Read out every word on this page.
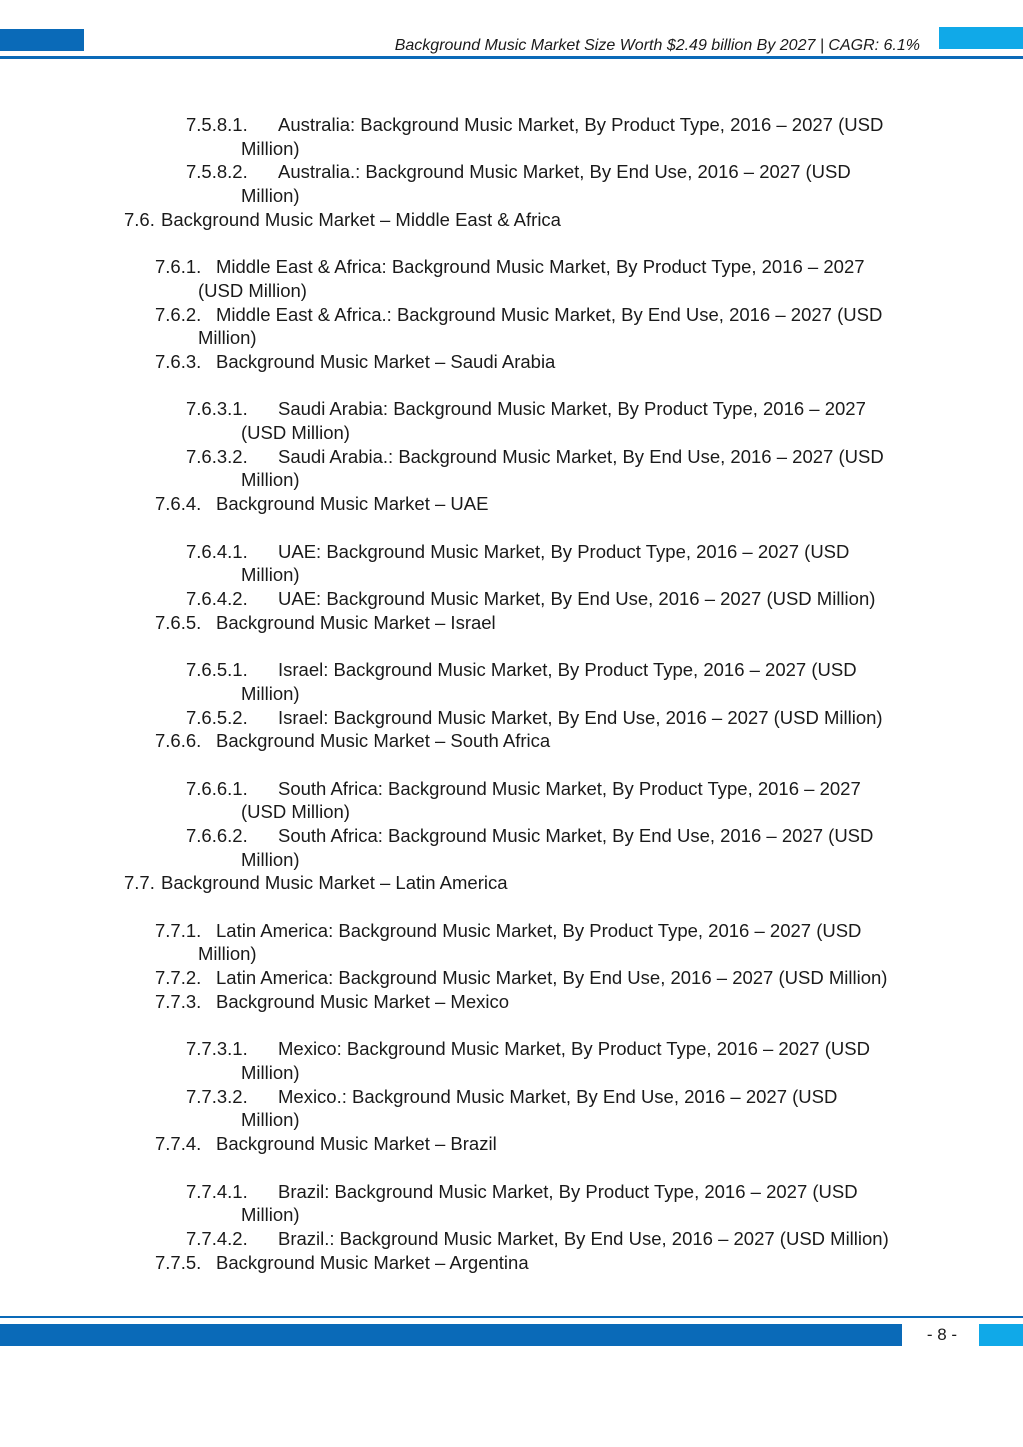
Background Music Market Size Worth $2.49 billion By 2027 | CAGR: 6.1%
7.5.8.1. Australia: Background Music Market, By Product Type, 2016 – 2027 (USD
Million)
7.5.8.2. Australia.: Background Music Market, By End Use, 2016 – 2027 (USD
Million)
7.6. Background Music Market – Middle East & Africa
7.6.1. Middle East & Africa: Background Music Market, By Product Type, 2016 – 2027
(USD Million)
7.6.2. Middle East & Africa.: Background Music Market, By End Use, 2016 – 2027 (USD
Million)
7.6.3. Background Music Market – Saudi Arabia
7.6.3.1. Saudi Arabia: Background Music Market, By Product Type, 2016 – 2027
(USD Million)
7.6.3.2. Saudi Arabia.: Background Music Market, By End Use, 2016 – 2027 (USD
Million)
7.6.4. Background Music Market – UAE
7.6.4.1. UAE: Background Music Market, By Product Type, 2016 – 2027 (USD
Million)
7.6.4.2. UAE: Background Music Market, By End Use, 2016 – 2027 (USD Million)
7.6.5. Background Music Market – Israel
7.6.5.1. Israel: Background Music Market, By Product Type, 2016 – 2027 (USD
Million)
7.6.5.2. Israel: Background Music Market, By End Use, 2016 – 2027 (USD Million)
7.6.6. Background Music Market – South Africa
7.6.6.1. South Africa: Background Music Market, By Product Type, 2016 – 2027
(USD Million)
7.6.6.2. South Africa: Background Music Market, By End Use, 2016 – 2027 (USD
Million)
7.7. Background Music Market – Latin America
7.7.1. Latin America: Background Music Market, By Product Type, 2016 – 2027 (USD
Million)
7.7.2. Latin America: Background Music Market, By End Use, 2016 – 2027 (USD Million)
7.7.3. Background Music Market – Mexico
7.7.3.1. Mexico: Background Music Market, By Product Type, 2016 – 2027 (USD
Million)
7.7.3.2. Mexico.: Background Music Market, By End Use, 2016 – 2027 (USD
Million)
7.7.4. Background Music Market – Brazil
7.7.4.1. Brazil: Background Music Market, By Product Type, 2016 – 2027 (USD
Million)
7.7.4.2. Brazil.: Background Music Market, By End Use, 2016 – 2027 (USD Million)
7.7.5. Background Music Market – Argentina
- 8 -
